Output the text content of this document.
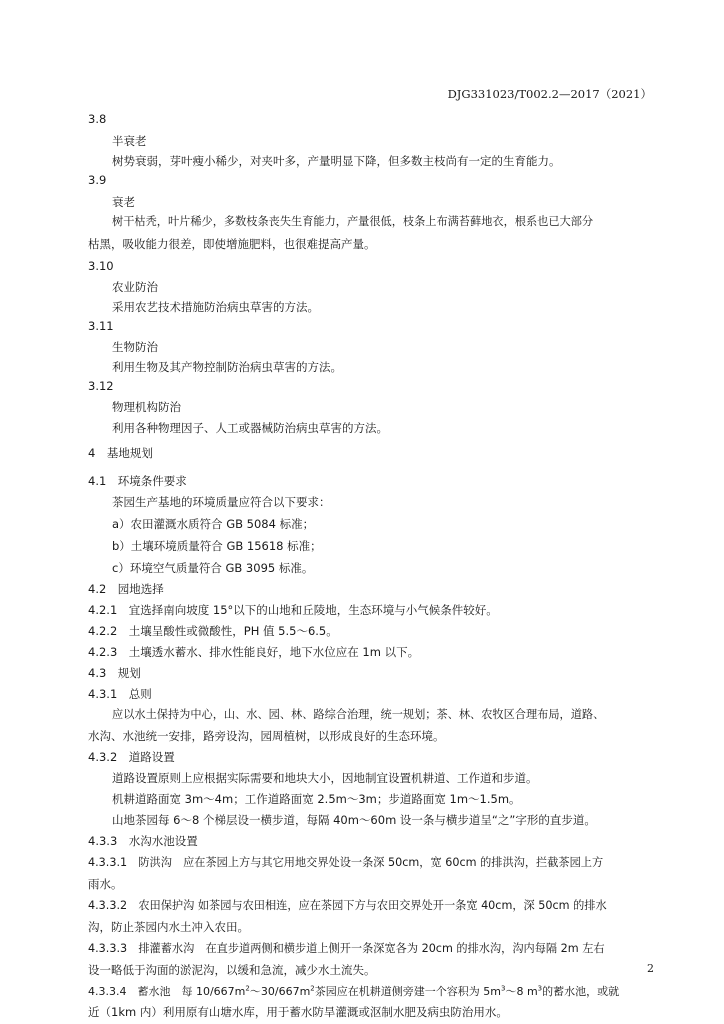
DJG331023/T002.2—2017（2021）
3.8
半衰老
树势衰弱，芽叶瘦小稀少，对夹叶多，产量明显下降，但多数主枝尚有一定的生育能力。
3.9
衰老
树干枯秃，叶片稀少，多数枝条丧失生育能力，产量很低，枝条上布满苔藓地衣，根系也已大部分
枯黑，吸收能力很差，即使增施肥料，也很难提高产量。
3.10
农业防治
采用农艺技术措施防治病虫草害的方法。
3.11
生物防治
利用生物及其产物控制防治病虫草害的方法。
3.12
物理机构防治
利用各种物理因子、人工或器械防治病虫草害的方法。
4　基地规划
4.1　环境条件要求
茶园生产基地的环境质量应符合以下要求：
a）农田灌溉水质符合 GB 5084 标准；
b）土壤环境质量符合 GB 15618 标准；
c）环境空气质量符合 GB 3095 标准。
4.2　园地选择
4.2.1　宜选择南向坡度 15°以下的山地和丘陵地，生态环境与小气候条件较好。
4.2.2　土壤呈酸性或微酸性，PH 值 5.5～6.5。
4.2.3　土壤透水蓄水、排水性能良好，地下水位应在 1m 以下。
4.3　规划
4.3.1　总则
应以水土保持为中心，山、水、园、林、路综合治理，统一规划；茶、林、农牧区合理布局，道路、
水沟、水池统一安排，路旁设沟，园周植树，以形成良好的生态环境。
4.3.2　道路设置
道路设置原则上应根据实际需要和地块大小，因地制宜设置机耕道、工作道和步道。
机耕道路面宽 3m～4m；工作道路面宽 2.5m～3m；步道路面宽 1m～1.5m。
山地茶园每 6～8 个梯层设一横步道，每隔 40m～60m 设一条与横步道呈“之”字形的直步道。
4.3.3　水沟水池设置
4.3.3.1　防洪沟　应在茶园上方与其它用地交界处设一条深 50cm，宽 60cm 的排洪沟，拦截茶园上方
雨水。
4.3.3.2　农田保护沟 如茶园与农田相连，应在茶园下方与农田交界处开一条宽 40cm，深 50cm 的排水
沟，防止茶园内水土冲入农田。
4.3.3.3　排灌蓄水沟　在直步道两侧和横步道上侧开一条深宽各为 20cm 的排水沟，沟内每隔 2m 左右
设一略低于沟面的淤泥沟，以缓和急流，减少水土流失。
4.3.3.4　蓄水池　每 $10/667m^2\sim 30/667m^2$茶园应在机耕道侧旁建一个容积为 $5m^3\sim 8$ $m^3$的蓄水池，或就
近（1km 内）利用原有山塘水库，用于蓄水防旱灌溉或沤制水肥及病虫防治用水。
2
